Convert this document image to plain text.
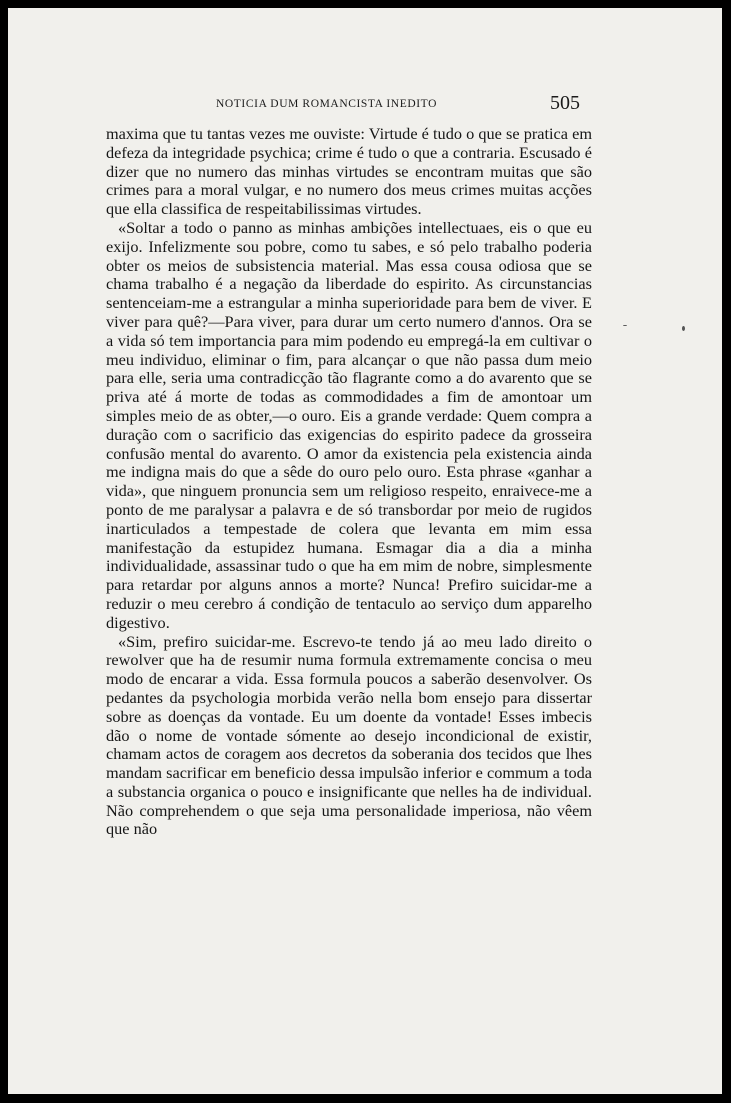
NOTICIA DUM ROMANCISTA INEDITO	505

maxima que tu tantas vezes me ouviste: Virtude é tudo o que se pratica em defeza da integridade psychica; crime é tudo o que a contraria. Escusado é dizer que no numero das minhas virtudes se encontram muitas que são crimes para a moral vulgar, e no numero dos meus crimes muitas acções que ella classifica de respeitabilissimas virtudes.

«Soltar a todo o panno as minhas ambições intellectuaes, eis o que eu exijo. Infelizmente sou pobre, como tu sabes, e só pelo trabalho poderia obter os meios de subsistencia material. Mas essa cousa odiosa que se chama trabalho é a negação da liberdade do espirito. As circunstancias sentenceiam-me a estrangular a minha superioridade para bem de viver. E viver para quê?—Para viver, para durar um certo numero d'annos. Ora se a vida só tem importancia para mim podendo eu empregá-la em cultivar o meu individuo, eliminar o fim, para alcançar o que não passa dum meio para elle, seria uma contradicção tão flagrante como a do avarento que se priva até á morte de todas as commodidades a fim de amontoar um simples meio de as obter,—o ouro. Eis a grande verdade: Quem compra a duração com o sacrificio das exigencias do espirito padece da grosseira confusão mental do avarento. O amor da existencia pela existencia ainda me indigna mais do que a sêde do ouro pelo ouro. Esta phrase «ganhar a vida», que ninguem pronuncia sem um religioso respeito, enraivece-me a ponto de me paralysar a palavra e de só transbordar por meio de rugidos inarticulados a tempestade de colera que levanta em mim essa manifestação da estupidez humana. Esmagar dia a dia a minha individualidade, assassinar tudo o que ha em mim de nobre, simplesmente para retardar por alguns annos a morte? Nunca! Prefiro suicidar-me a reduzir o meu cerebro á condição de tentaculo ao serviço dum apparelho digestivo.

«Sim, prefiro suicidar-me. Escrevo-te tendo já ao meu lado direito o rewolver que ha de resumir numa formula extremamente concisa o meu modo de encarar a vida. Essa formula poucos a saberão desenvolver. Os pedantes da psychologia morbida verão nella bom ensejo para dissertar sobre as doenças da vontade. Eu um doente da vontade! Esses imbecis dão o nome de vontade sómente ao desejo incondicional de existir, chamam actos de coragem aos decretos da soberania dos tecidos que lhes mandam sacrificar em beneficio dessa impulsão inferior e commum a toda a substancia organica o pouco e insignificante que nelles ha de individual. Não comprehendem o que seja uma personalidade imperiosa, não vêem que não
